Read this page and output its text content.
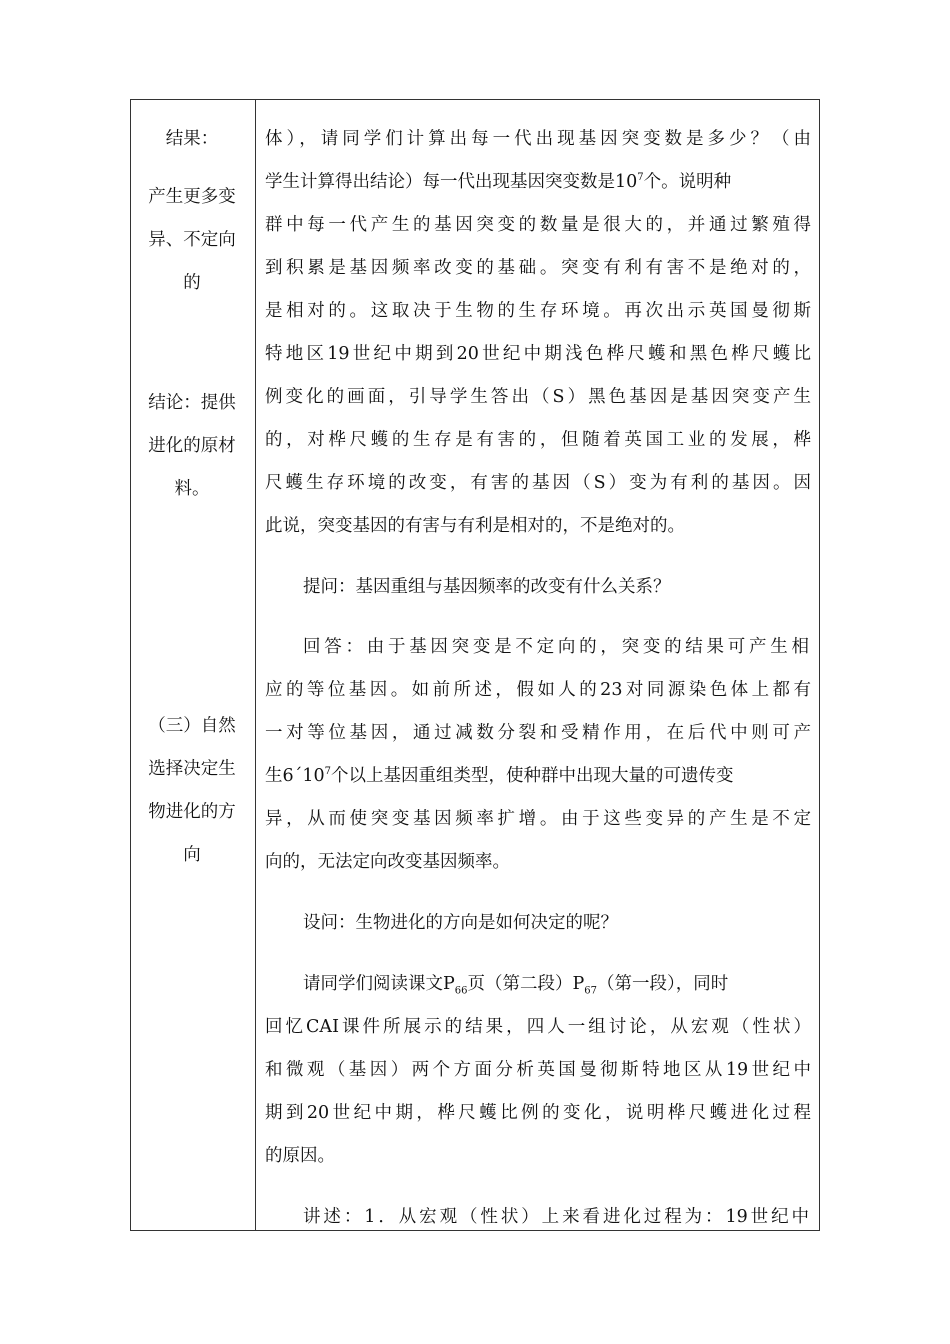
结果：
产生更多变
异、不定向
的
结论：提供
进化的原材
料。
（三）自然
选择决定生
物进化的方
向
体），请同学们计算出每一代出现基因突变数是多少？（由
学生计算得出结论）每一代出现基因突变数是$10^7$个。说明种
群中每一代产生的基因突变的数量是很大的，并通过繁殖得
到积累是基因频率改变的基础。突变有利有害不是绝对的，
是相对的。这取决于生物的生存环境。再次出示英国曼彻斯
特地区19世纪中期到20世纪中期浅色桦尺蠖和黑色桦尺蠖比
例变化的画面，引导学生答出（S）黑色基因是基因突变产生
的，对桦尺蠖的生存是有害的，但随着英国工业的发展，桦
尺蠖生存环境的改变，有害的基因（S）变为有利的基因。因
此说，突变基因的有害与有利是相对的，不是绝对的。
提问：基因重组与基因频率的改变有什么关系？
回答：由于基因突变是不定向的，突变的结果可产生相
应的等位基因。如前所述，假如人的23对同源染色体上都有
一对等位基因，通过减数分裂和受精作用，在后代中则可产
生$6´10^7$个以上基因重组类型，使种群中出现大量的可遗传变
异，从而使突变基因频率扩增。由于这些变异的产生是不定
向的，无法定向改变基因频率。
设问：生物进化的方向是如何决定的呢？
请同学们阅读课文$P_{66}$页（第二段）$P_{67}$（第一段），同时
回忆CAI课件所展示的结果，四人一组讨论，从宏观（性状）
和微观（基因）两个方面分析英国曼彻斯特地区从19世纪中
期到20世纪中期，桦尺蠖比例的变化，说明桦尺蠖进化过程
的原因。
讲述：1．从宏观（性状）上来看进化过程为：19世纪中
